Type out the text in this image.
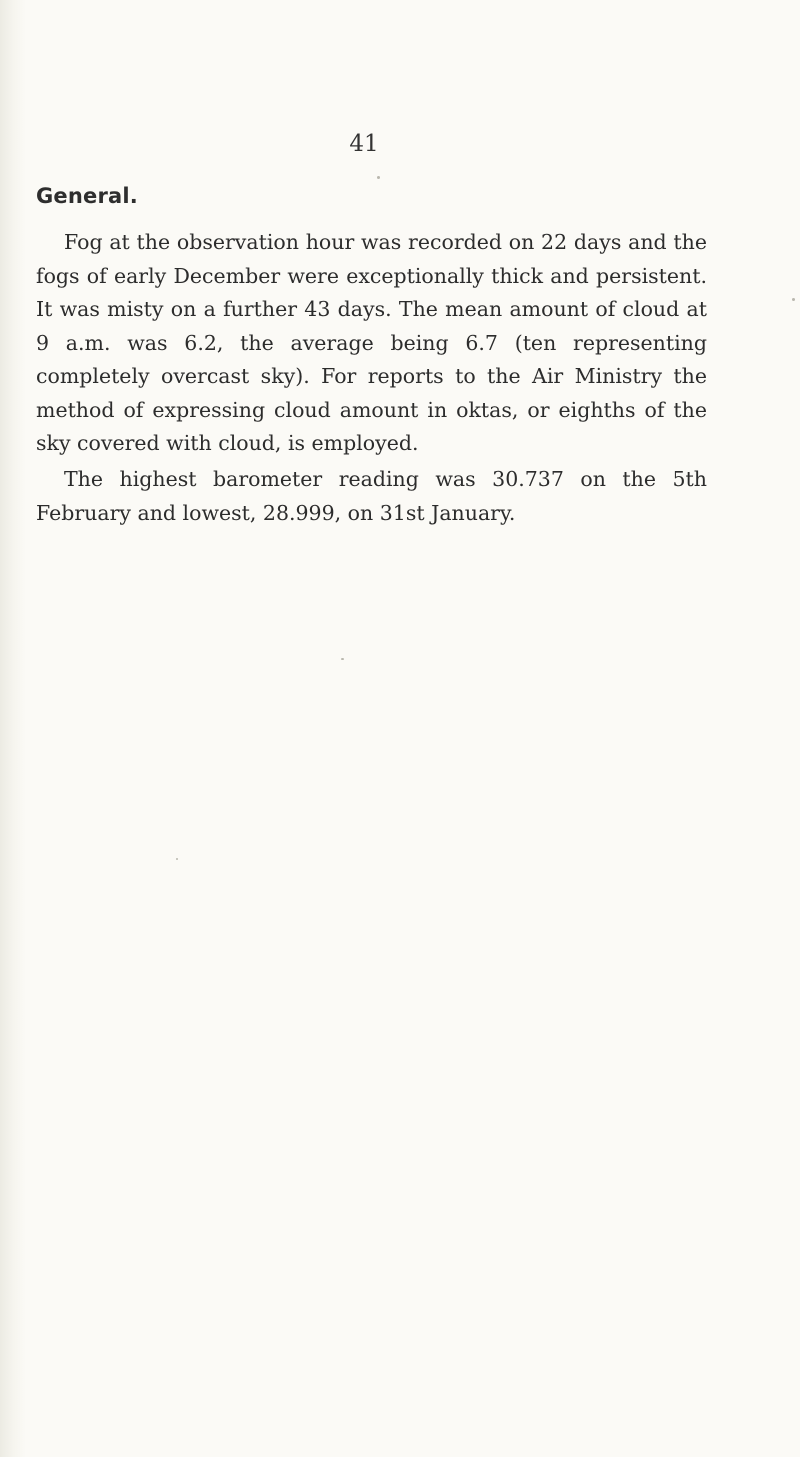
41
General.

Fog at the observation hour was recorded on 22 days and the fogs of early December were exceptionally thick and persistent. It was misty on a further 43 days. The mean amount of cloud at 9 a.m. was 6.2, the average being 6.7 (ten representing completely overcast sky). For reports to the Air Ministry the method of expressing cloud amount in oktas, or eighths of the sky covered with cloud, is employed.

The highest barometer reading was 30.737 on the 5th February and lowest, 28.999, on 31st January.
